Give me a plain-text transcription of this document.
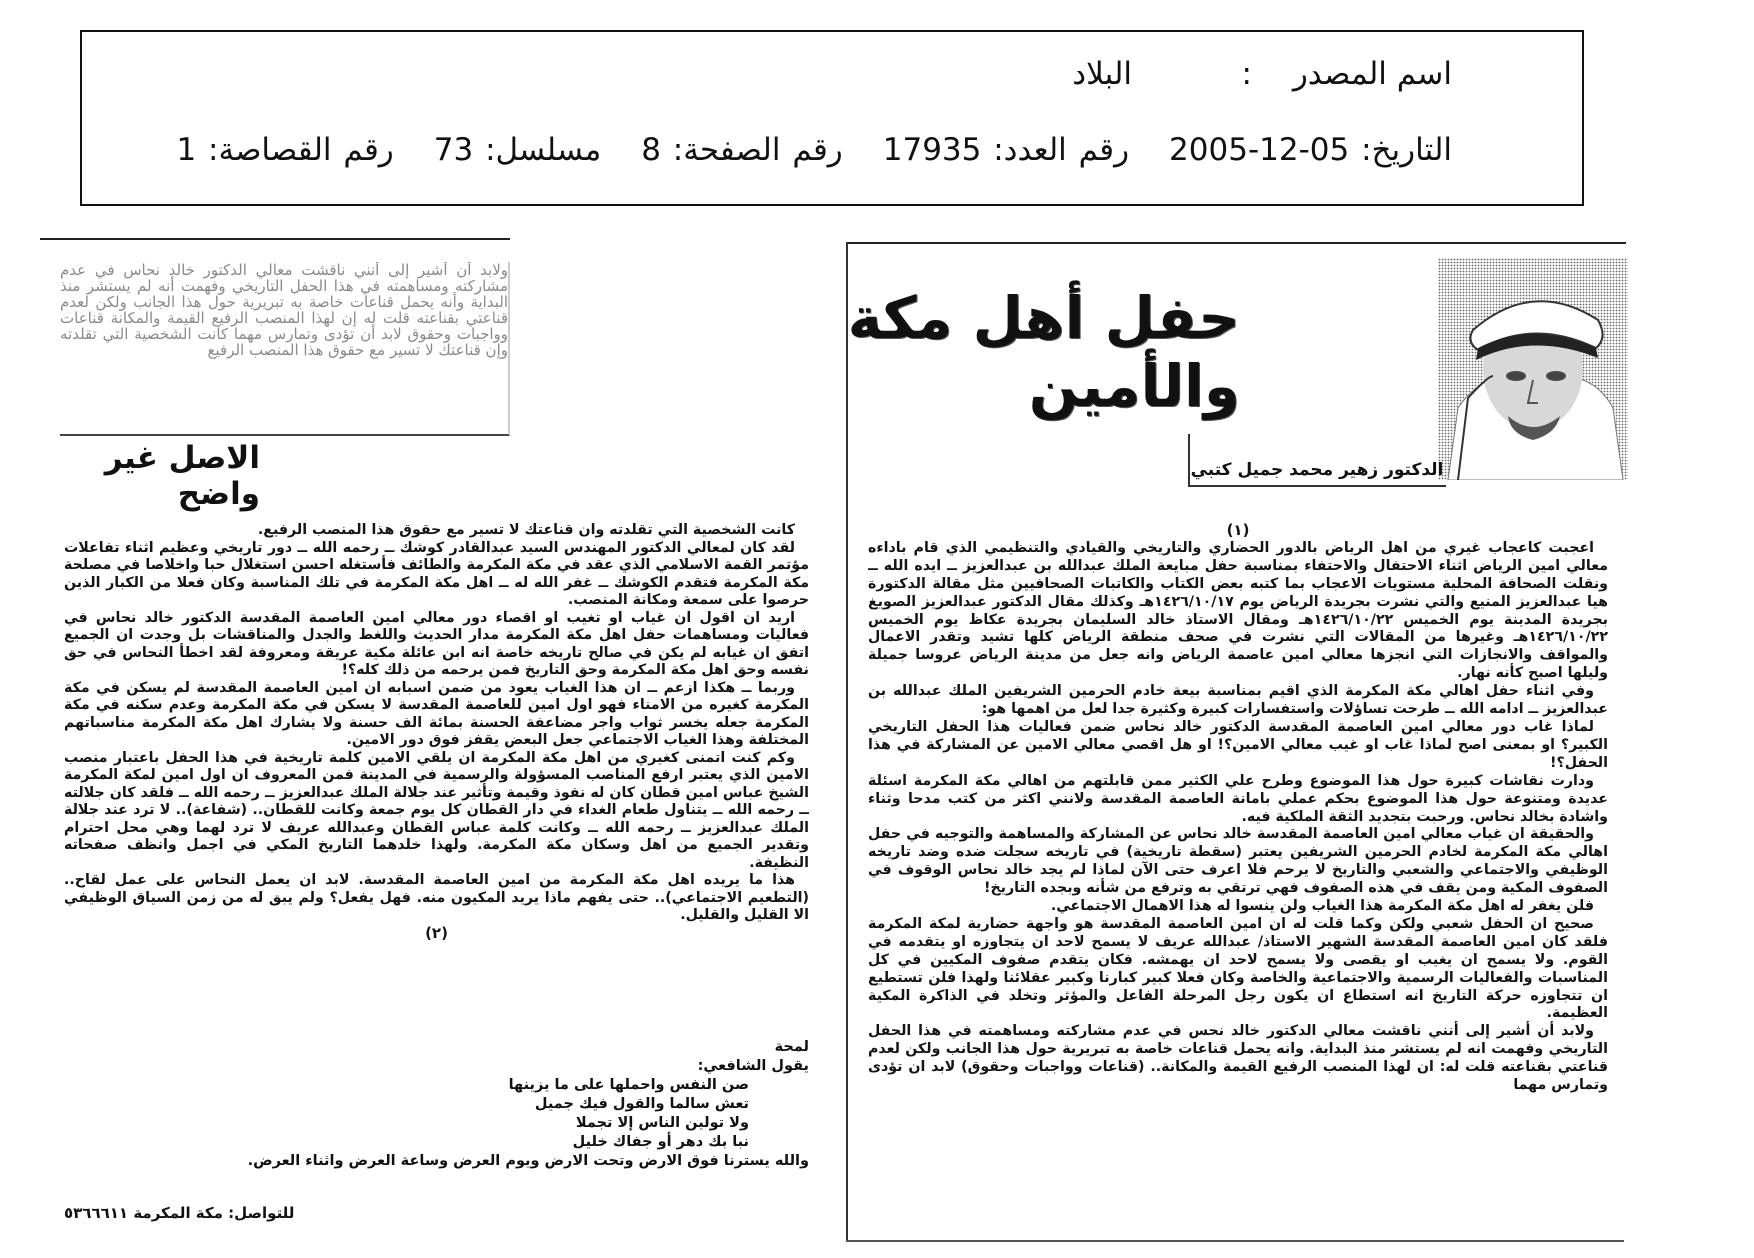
اسم المصدر:البلاد
التاريخ: 05-12-2005رقم العدد: 17935رقم الصفحة: 8مسلسل: 73رقم القصاصة: 1
ولابد أن أشير إلى أنني ناقشت معالي الدكتور خالد نحاس في عدم مشاركته ومساهمته في هذا الحفل التاريخي وفهمت أنه لم يستشر منذ البداية وأنه يحمل قناعات خاصة به تبريرية حول هذا الجانب ولكن لعدم قناعتي بقناعته قلت له إن لهذا المنصب الرفيع القيمة والمكانة قناعات وواجبات وحقوق لابد أن تؤدى وتمارس مهما كانت الشخصية التي تقلدته وإن قناعتك لا تسير مع حقوق هذا المنصب الرفيع
الاصل غير واضح
حفل أهل مكة والأمين
الدكتور زهير محمد جميل كتبي

(١)

اعجبت كاعجاب غيري من اهل الرياض بالدور الحضاري والتاريخي والقيادي والتنظيمي الذي قام باداءه معالي امين الرياض اثناء الاحتفال والاحتفاء بمناسبة حفل مبايعة الملك عبدالله بن عبدالعزيز ــ ايده الله ــ ونقلت الصحافة المحلية مستويات الاعجاب بما كتبه بعض الكتاب والكاتبات الصحافيين مثل مقالة الدكتورة هيا عبدالعزيز المنيع والتي نشرت بجريدة الرياض يوم ١٤٢٦/١٠/١٧هـ وكذلك مقال الدكتور عبدالعزيز الصويغ بجريدة المدينة يوم الخميس ١٤٢٦/١٠/٢٢هـ ومقال الاستاذ خالد السليمان بجريدة عكاظ يوم الخميس ١٤٢٦/١٠/٢٢هـ وغيرها من المقالات التي نشرت في صحف منطقة الرياض كلها تشيد وتقدر الاعمال والمواقف والانجازات التي انجزها معالي امين عاصمة الرياض وانه جعل من مدينة الرياض عروسا جميلة وليلها اصبح كأنه نهار.

وفي اثناء حفل اهالي مكة المكرمة الذي اقيم بمناسبة بيعة خادم الحرمين الشريفين الملك عبدالله بن عبدالعزيز ــ ادامه الله ــ طرحت تساؤلات واستفسارات كبيرة وكثيرة جدا لعل من اهمها هو:

لماذا غاب دور معالي امين العاصمة المقدسة الدكتور خالد نحاس ضمن فعاليات هذا الحفل التاريخي الكبير؟ او بمعنى اصح لماذا غاب او غيب معالي الامين؟! او هل اقصي معالي الامين عن المشاركة في هذا الحفل؟!

ودارت نقاشات كبيرة حول هذا الموضوع وطرح علي الكثير ممن قابلتهم من اهالي مكة المكرمة اسئلة عديدة ومتنوعة حول هذا الموضوع بحكم عملي بامانة العاصمة المقدسة ولانني اكثر من كتب مدحا وثناء واشادة بخالد نحاس. ورحبت بتجديد الثقة الملكية فيه.

والحقيقة ان غياب معالي امين العاصمة المقدسة خالد نحاس عن المشاركة والمساهمة والتوجيه في حفل اهالي مكة المكرمة لخادم الحرمين الشريفين يعتبر (سقطة تاريخية) في تاريخه سجلت ضده وضد تاريخه الوظيفي والاجتماعي والشعبي والتاريخ لا يرحم فلا اعرف حتى الآن لماذا لم يجد خالد نحاس الوقوف في الصفوف المكية ومن يقف في هذه الصفوف فهي ترتقي به وترفع من شأنه وبجده التاريخ!

فلن يغفر له اهل مكة المكرمة هذا الغياب ولن ينسوا له هذا الاهمال الاجتماعي.

صحيح ان الحفل شعبي ولكن وكما قلت له ان امين العاصمة المقدسة هو واجهة حضارية لمكة المكرمة فلقد كان امين العاصمة المقدسة الشهير الاستاذ/ عبدالله عريف لا يسمح لاحد ان يتجاوزه او يتقدمه في القوم. ولا يسمح ان يغيب او يقصى ولا يسمح لاحد ان يهمشه. فكان يتقدم صفوف المكيين في كل المناسبات والفعاليات الرسمية والاجتماعية والخاصة وكان فعلا كبير كبارنا وكبير عقلائنا ولهذا فلن تستطيع ان تتجاوزه حركة التاريخ انه استطاع ان يكون رجل المرحلة الفاعل والمؤثر وتخلد في الذاكرة المكية العظيمة.

ولابد أن أشير إلى أنني ناقشت معالي الدكتور خالد نحس في عدم مشاركته ومساهمته في هذا الحفل التاريخي وفهمت انه لم يستشر منذ البداية. وانه يحمل قناعات خاصة به تبريرية حول هذا الجانب ولكن لعدم قناعتي بقناعته قلت له: ان لهذا المنصب الرفيع القيمة والمكانة.. (قناعات وواجبات وحقوق) لابد ان تؤدى وتمارس مهما

كانت الشخصية التي تقلدته وان قناعتك لا تسير مع حقوق هذا المنصب الرفيع.

لقد كان لمعالي الدكتور المهندس السيد عبدالقادر كوشك ــ رحمه الله ــ دور تاريخي وعظيم اثناء تفاعلات مؤتمر القمة الاسلامي الذي عقد في مكة المكرمة والطائف فأستغله احسن استغلال حبا واخلاصا في مصلحة مكة المكرمة فتقدم الكوشك ــ غفر الله له ــ اهل مكة المكرمة في تلك المناسبة وكان فعلا من الكبار الذين حرصوا على سمعة ومكانة المنصب.

اريد ان اقول ان غياب او تغيب او اقصاء دور معالي امين العاصمة المقدسة الدكتور خالد نحاس في فعاليات ومساهمات حفل اهل مكة المكرمة مدار الحديث واللغط والجدل والمناقشات بل وجدت ان الجميع اتفق ان غيابه لم يكن في صالح تاريخه خاصة انه ابن عائلة مكية عريقة ومعروفة لقد اخطأ النحاس في حق نفسه وحق اهل مكة المكرمة وحق التاريخ فمن يرحمه من ذلك كله؟!

وربما ــ هكذا ازعم ــ ان هذا الغياب يعود من ضمن اسبابه ان امين العاصمة المقدسة لم يسكن في مكة المكرمة كغيره من الامناء فهو اول امين للعاصمة المقدسة لا يسكن في مكة المكرمة وعدم سكنه في مكة المكرمة جعله يخسر ثواب واجر مضاعفة الحسنة بمائة الف حسنة ولا يشارك اهل مكة المكرمة مناسباتهم المختلفة وهذا الغياب الاجتماعي جعل البعض يقفز فوق دور الامين.

وكم كنت اتمنى كغيري من اهل مكة المكرمة ان يلقي الامين كلمة تاريخية في هذا الحفل باعتبار منصب الامين الذي يعتبر ارفع المناصب المسؤولة والرسمية في المدينة فمن المعروف ان اول امين لمكة المكرمة الشيخ عباس امين قطان كان له نفوذ وقيمة وتأثير عند جلالة الملك عبدالعزيز ــ رحمه الله ــ فلقد كان جلالته ــ رحمه الله ــ يتناول طعام الغداء في دار القطان كل يوم جمعة وكانت للقطان.. (شفاعة).. لا ترد عند جلالة الملك عبدالعزيز ــ رحمه الله ــ وكانت كلمة عباس القطان وعبدالله عريف لا ترد لهما وهي محل احترام وتقدير الجميع من اهل وسكان مكة المكرمة. ولهذا خلدهما التاريخ المكي في اجمل وانظف صفحاته النظيفة.

هذا ما يريده اهل مكة المكرمة من امين العاصمة المقدسة. لابد ان يعمل النحاس على عمل لقاح.. (التطعيم الاجتماعي).. حتى يفهم ماذا يريد المكيون منه. فهل يفعل؟ ولم يبق له من زمن السياق الوظيفي الا القليل والقليل.

(٢)

لمحة
يقول الشافعي:
صن النفس واحملها على ما يزينها
تعش سالما والقول فيك جميل
ولا تولين الناس إلا تجملا
نبا بك دهر أو جفاك خليل
والله يسترنا فوق الارض وتحت الارض ويوم العرض وساعة العرض واثناء العرض.
للتواصل: مكة المكرمة ٥٣٦٦٦١١
